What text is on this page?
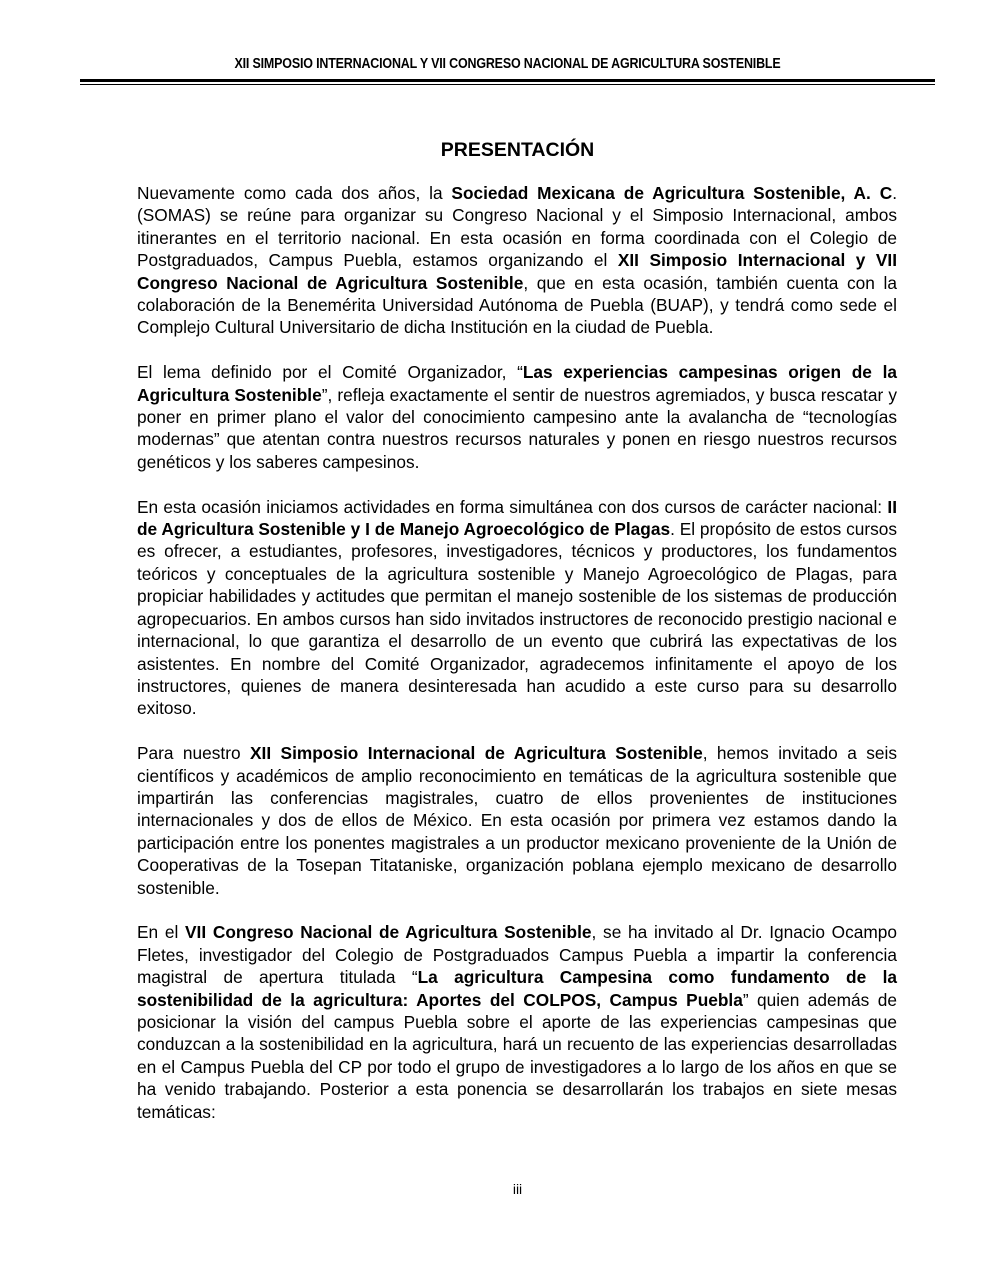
XII SIMPOSIO INTERNACIONAL Y VII CONGRESO NACIONAL DE AGRICULTURA SOSTENIBLE
PRESENTACIÓN

Nuevamente como cada dos años, la Sociedad Mexicana de Agricultura Sostenible, A. C. (SOMAS) se reúne para organizar su Congreso Nacional y el Simposio Internacional, ambos itinerantes en el territorio nacional. En esta ocasión en forma coordinada con el Colegio de Postgraduados, Campus Puebla, estamos organizando el XII Simposio Internacional y VII Congreso Nacional de Agricultura Sostenible, que en esta ocasión, también cuenta con la colaboración de la Benemérita Universidad Autónoma de Puebla (BUAP), y tendrá como sede el Complejo Cultural Universitario de dicha Institución en la ciudad de Puebla.

El lema definido por el Comité Organizador, “Las experiencias campesinas origen de la Agricultura Sostenible”, refleja exactamente el sentir de nuestros agremiados, y busca rescatar y poner en primer plano el valor del conocimiento campesino ante la avalancha de “tecnologías modernas” que atentan contra nuestros recursos naturales y ponen en riesgo nuestros recursos genéticos y los saberes campesinos.

En esta ocasión iniciamos actividades en forma simultánea con dos cursos de carácter nacional: II de Agricultura Sostenible y I de Manejo Agroecológico de Plagas. El propósito de estos cursos es ofrecer, a estudiantes, profesores, investigadores, técnicos y productores, los fundamentos teóricos y conceptuales de la agricultura sostenible y Manejo Agroecológico de Plagas, para propiciar habilidades y actitudes que permitan el manejo sostenible de los sistemas de producción agropecuarios. En ambos cursos han sido invitados instructores de reconocido prestigio nacional e internacional, lo que garantiza el desarrollo de un evento que cubrirá las expectativas de los asistentes. En nombre del Comité Organizador, agradecemos infinitamente el apoyo de los instructores, quienes de manera desinteresada han acudido a este curso para su desarrollo exitoso.

Para nuestro XII Simposio Internacional de Agricultura Sostenible, hemos invitado a seis científicos y académicos de amplio reconocimiento en temáticas de la agricultura sostenible que impartirán las conferencias magistrales, cuatro de ellos provenientes de instituciones internacionales y dos de ellos de México. En esta ocasión por primera vez estamos dando la participación entre los ponentes magistrales a un productor mexicano proveniente de la Unión de Cooperativas de la Tosepan Titataniske, organización poblana ejemplo mexicano de desarrollo sostenible.

En el VII Congreso Nacional de Agricultura Sostenible, se ha invitado al Dr. Ignacio Ocampo Fletes, investigador del Colegio de Postgraduados Campus Puebla a impartir la conferencia magistral de apertura titulada “La agricultura Campesina como fundamento de la sostenibilidad de la agricultura: Aportes del COLPOS, Campus Puebla” quien además de posicionar la visión del campus Puebla sobre el aporte de las experiencias campesinas que conduzcan a la sostenibilidad en la agricultura, hará un recuento de las experiencias desarrolladas en el Campus Puebla del CP por todo el grupo de investigadores a lo largo de los años en que se ha venido trabajando. Posterior a esta ponencia se desarrollarán los trabajos en siete mesas temáticas:

iii
